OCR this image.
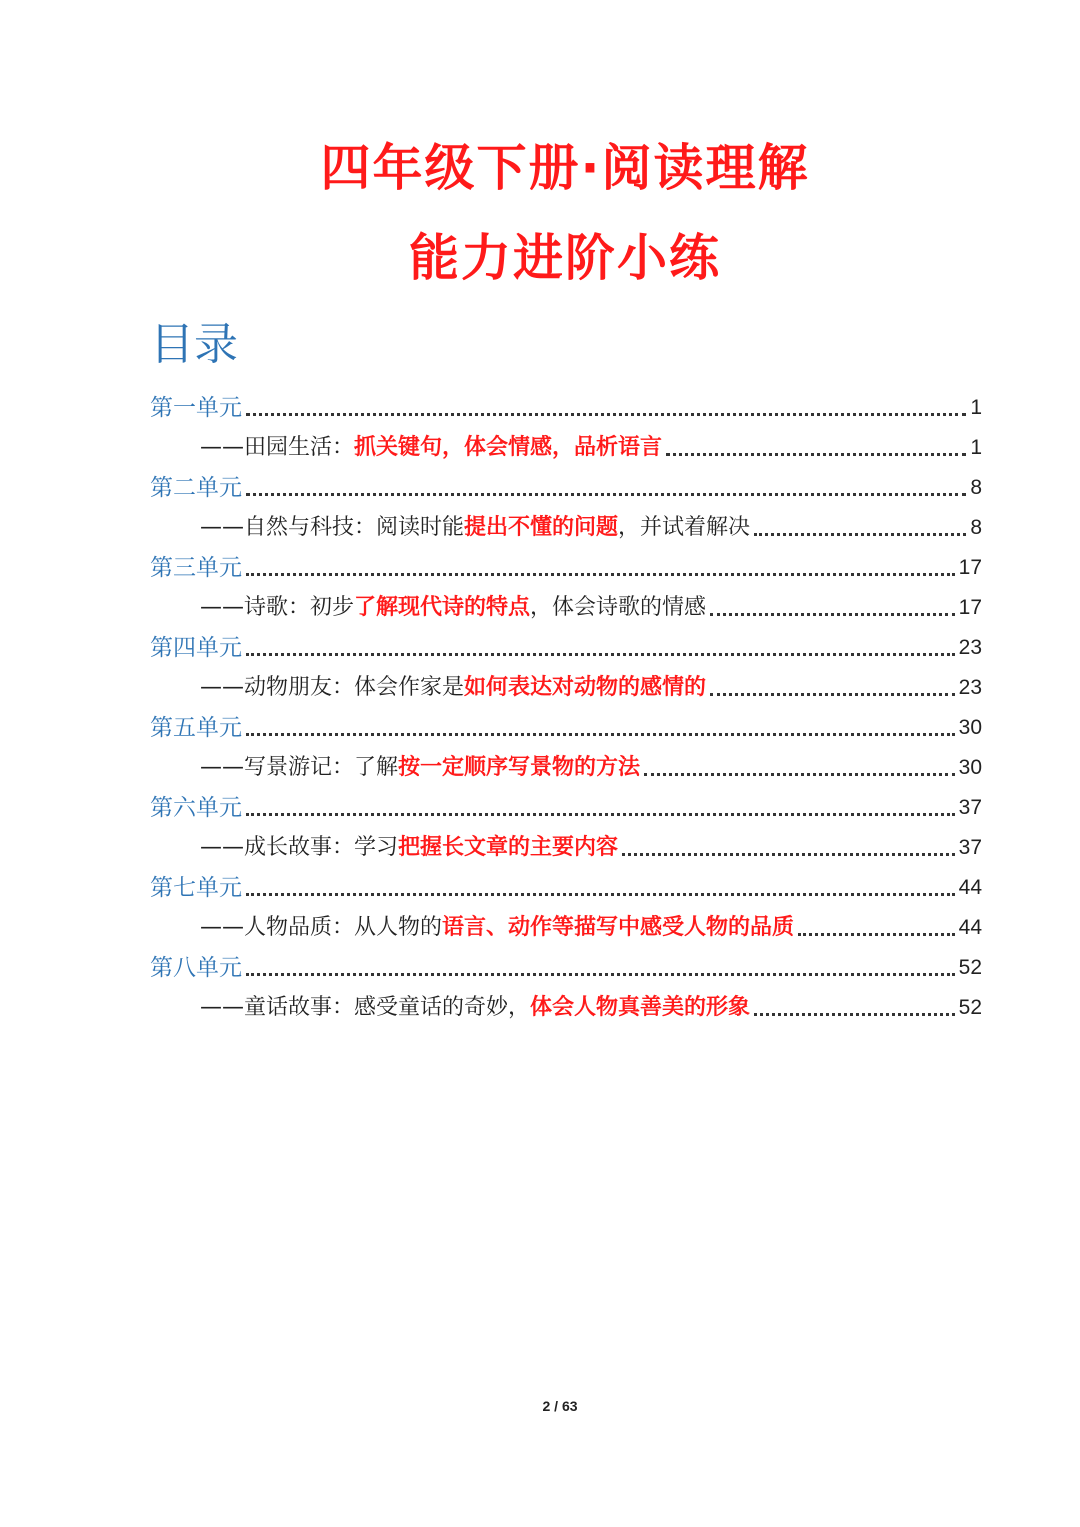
四年级下册·阅读理解
能力进阶小练
目录
第一单元	1
——田园生活：抓关键句，体会情感，品析语言	1
第二单元	8
——自然与科技：阅读时能提出不懂的问题，并试着解决	8
第三单元	17
——诗歌：初步了解现代诗的特点，体会诗歌的情感	17
第四单元	23
——动物朋友：体会作家是如何表达对动物的感情的	23
第五单元	30
——写景游记：了解按一定顺序写景物的方法	30
第六单元	37
——成长故事：学习把握长文章的主要内容	37
第七单元	44
——人物品质：从人物的语言、动作等描写中感受人物的品质	44
第八单元	52
——童话故事：感受童话的奇妙，体会人物真善美的形象	52
2 / 63
